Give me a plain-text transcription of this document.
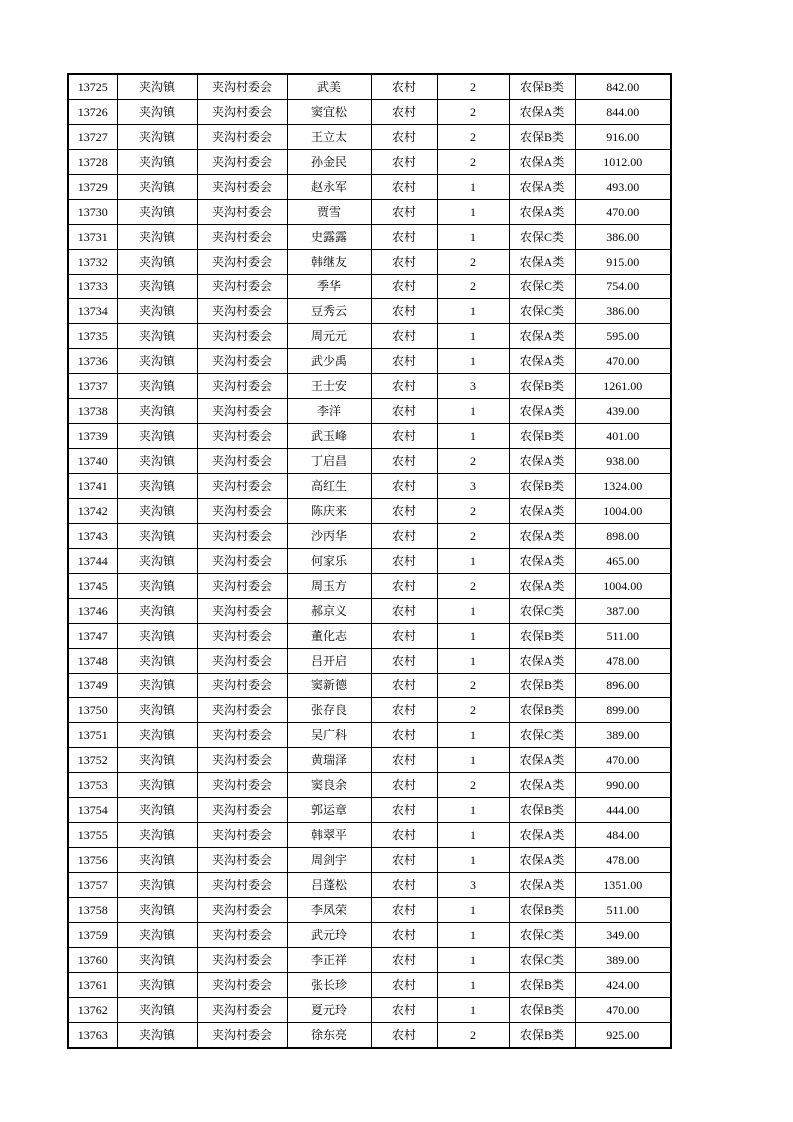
13725	夹沟镇	夹沟村委会	武美	农村	2	农保B类	842.00
13726	夹沟镇	夹沟村委会	窦宜松	农村	2	农保A类	844.00
13727	夹沟镇	夹沟村委会	王立太	农村	2	农保B类	916.00
13728	夹沟镇	夹沟村委会	孙金民	农村	2	农保A类	1012.00
13729	夹沟镇	夹沟村委会	赵永军	农村	1	农保A类	493.00
13730	夹沟镇	夹沟村委会	贾雪	农村	1	农保A类	470.00
13731	夹沟镇	夹沟村委会	史露露	农村	1	农保C类	386.00
13732	夹沟镇	夹沟村委会	韩继友	农村	2	农保A类	915.00
13733	夹沟镇	夹沟村委会	季华	农村	2	农保C类	754.00
13734	夹沟镇	夹沟村委会	豆秀云	农村	1	农保C类	386.00
13735	夹沟镇	夹沟村委会	周元元	农村	1	农保A类	595.00
13736	夹沟镇	夹沟村委会	武少禹	农村	1	农保A类	470.00
13737	夹沟镇	夹沟村委会	王士安	农村	3	农保B类	1261.00
13738	夹沟镇	夹沟村委会	李洋	农村	1	农保A类	439.00
13739	夹沟镇	夹沟村委会	武玉峰	农村	1	农保B类	401.00
13740	夹沟镇	夹沟村委会	丁启昌	农村	2	农保A类	938.00
13741	夹沟镇	夹沟村委会	高红生	农村	3	农保B类	1324.00
13742	夹沟镇	夹沟村委会	陈庆来	农村	2	农保A类	1004.00
13743	夹沟镇	夹沟村委会	沙丙华	农村	2	农保A类	898.00
13744	夹沟镇	夹沟村委会	何家乐	农村	1	农保A类	465.00
13745	夹沟镇	夹沟村委会	周玉方	农村	2	农保A类	1004.00
13746	夹沟镇	夹沟村委会	郝京义	农村	1	农保C类	387.00
13747	夹沟镇	夹沟村委会	董化志	农村	1	农保B类	511.00
13748	夹沟镇	夹沟村委会	吕开启	农村	1	农保A类	478.00
13749	夹沟镇	夹沟村委会	窦新德	农村	2	农保B类	896.00
13750	夹沟镇	夹沟村委会	张存良	农村	2	农保B类	899.00
13751	夹沟镇	夹沟村委会	吴广科	农村	1	农保C类	389.00
13752	夹沟镇	夹沟村委会	黄瑞泽	农村	1	农保A类	470.00
13753	夹沟镇	夹沟村委会	窦良余	农村	2	农保A类	990.00
13754	夹沟镇	夹沟村委会	郭运章	农村	1	农保B类	444.00
13755	夹沟镇	夹沟村委会	韩翠平	农村	1	农保A类	484.00
13756	夹沟镇	夹沟村委会	周剑宇	农村	1	农保A类	478.00
13757	夹沟镇	夹沟村委会	吕蓬松	农村	3	农保A类	1351.00
13758	夹沟镇	夹沟村委会	李凤荣	农村	1	农保B类	511.00
13759	夹沟镇	夹沟村委会	武元玲	农村	1	农保C类	349.00
13760	夹沟镇	夹沟村委会	李正祥	农村	1	农保C类	389.00
13761	夹沟镇	夹沟村委会	张长珍	农村	1	农保B类	424.00
13762	夹沟镇	夹沟村委会	夏元玲	农村	1	农保B类	470.00
13763	夹沟镇	夹沟村委会	徐东亮	农村	2	农保B类	925.00
